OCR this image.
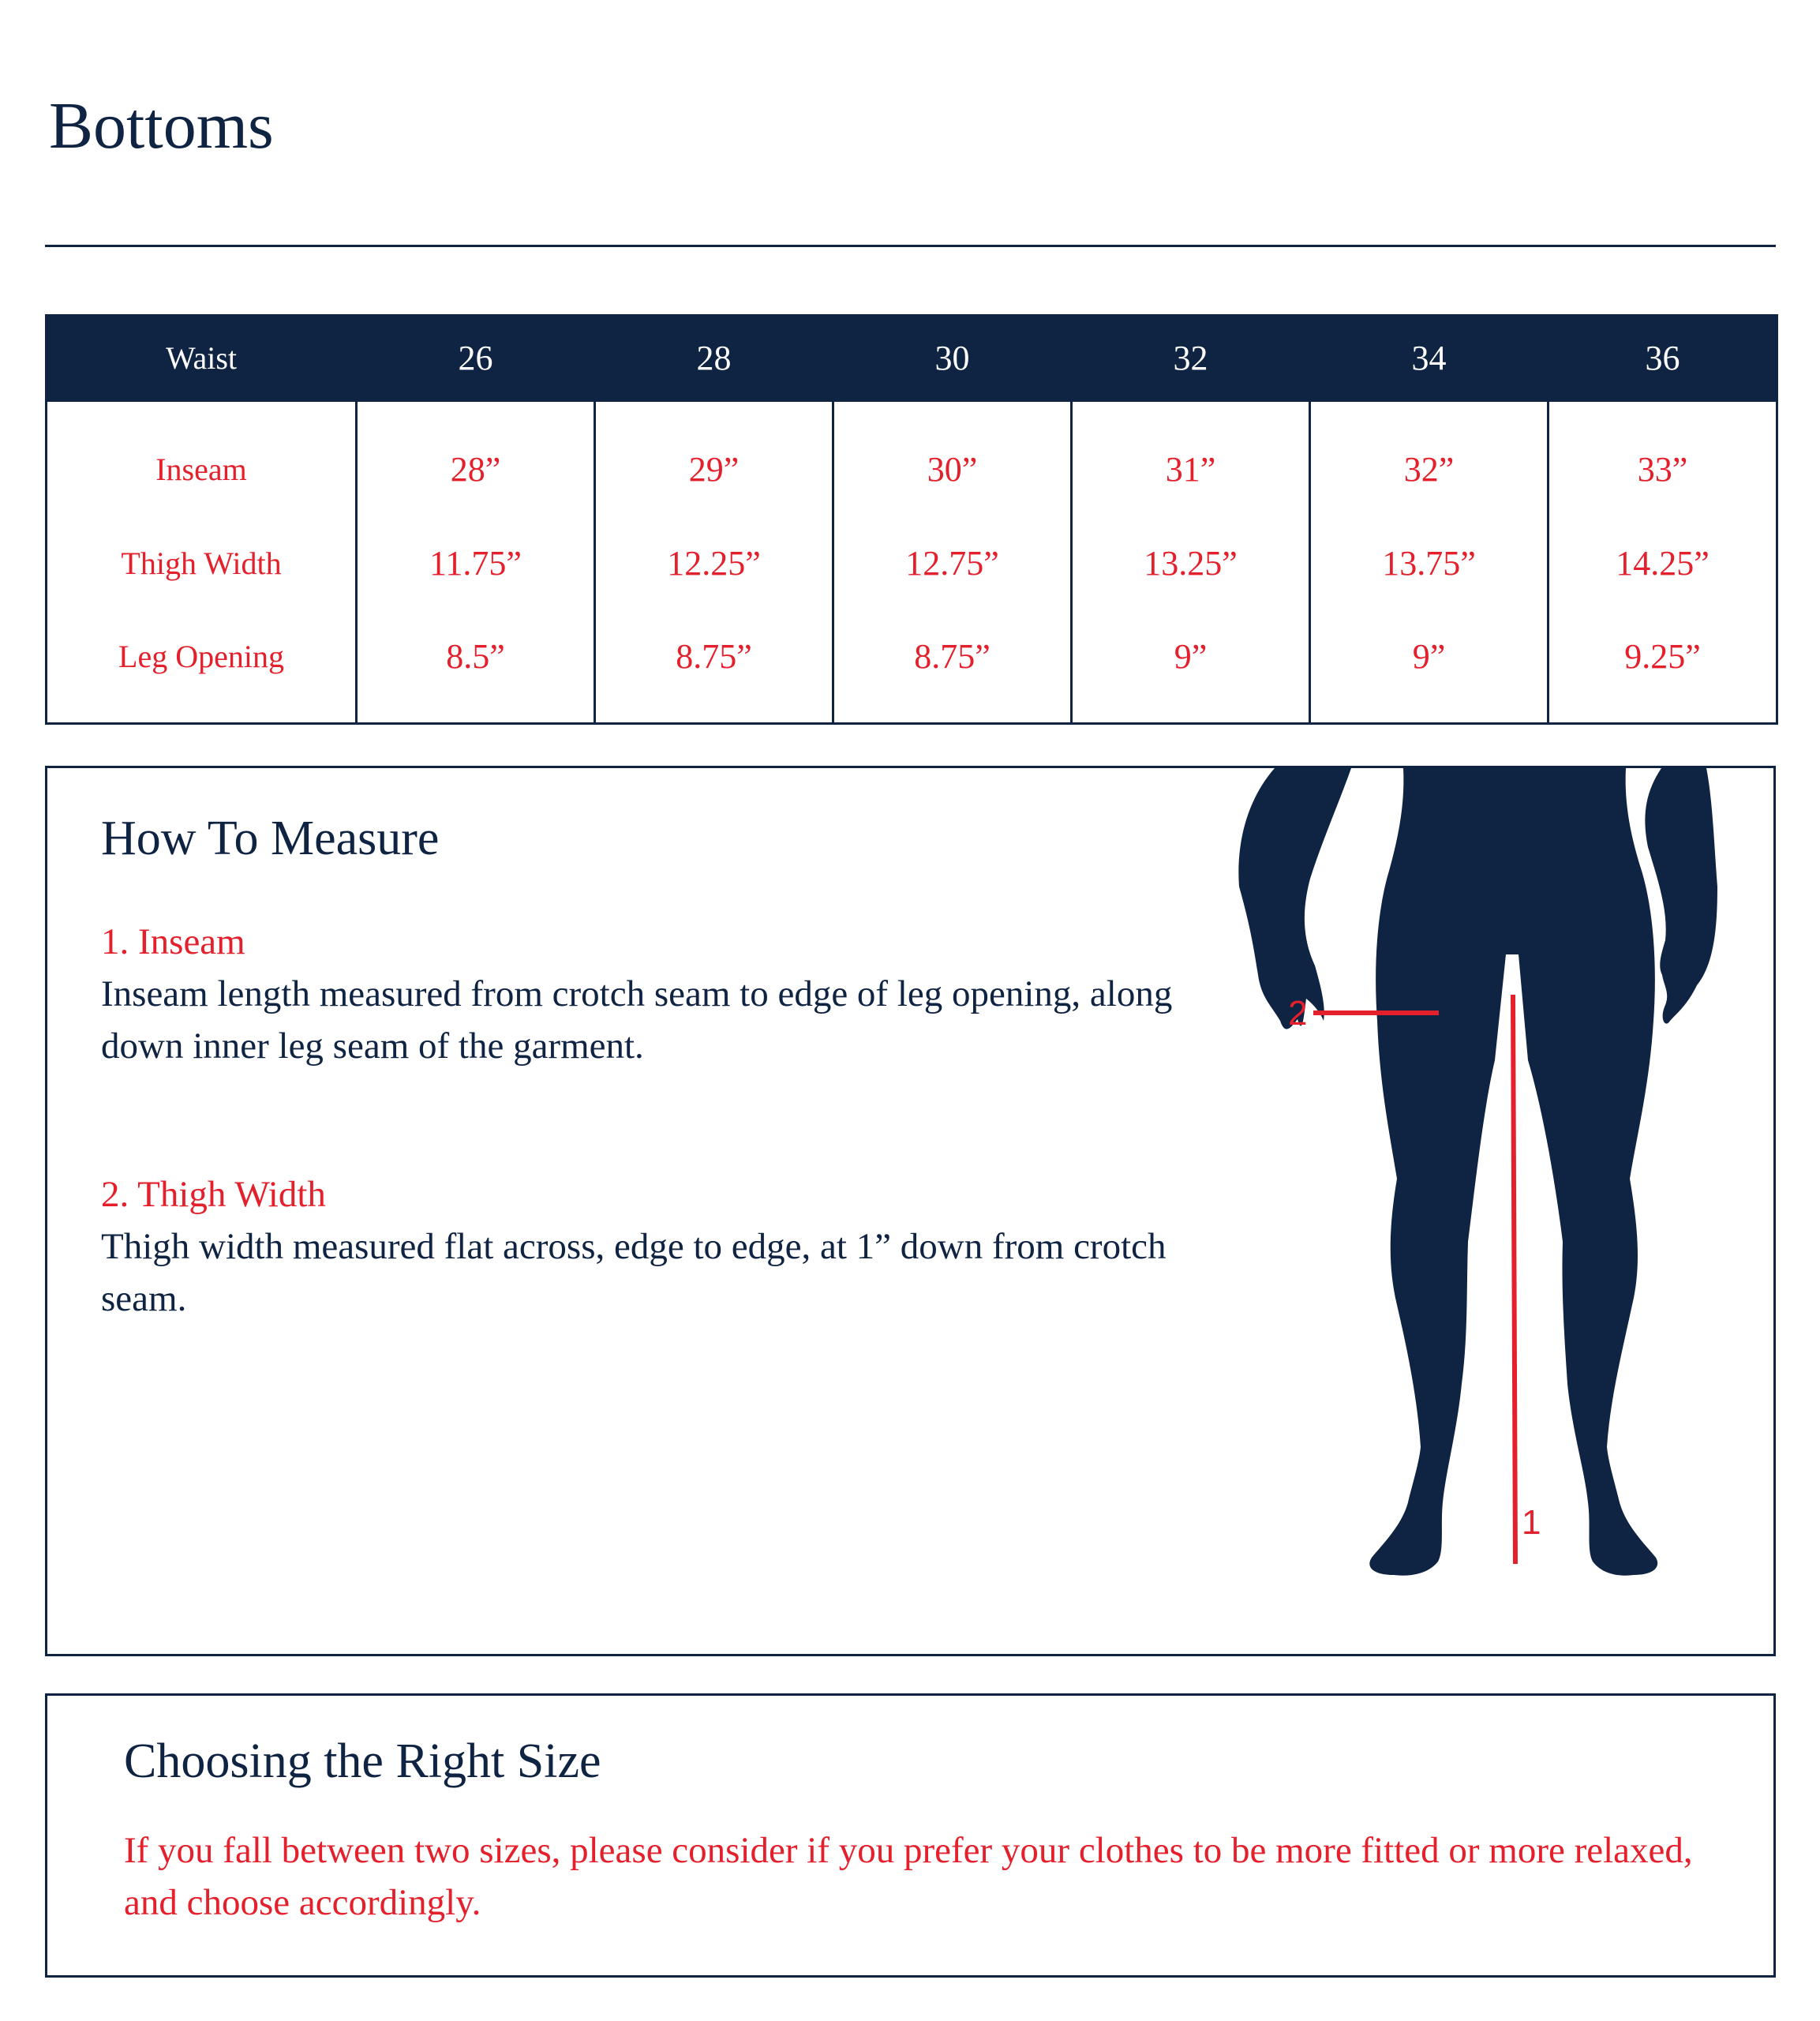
Bottoms
Waist	26	28	30	32	34	36
Inseam	28”	29”	30”	31”	32”	33”
Thigh Width	11.75”	12.25”	12.75”	13.25”	13.75”	14.25”
Leg Opening	8.5”	8.75”	8.75”	9”	9”	9.25”
How To Measure
1. Inseam
Inseam length measured from crotch seam to edge of leg opening, along down inner leg seam of the garment.
2. Thigh Width
Thigh width measured flat across, edge to edge, at 1” down from crotch seam.
2
1
Choosing the Right Size
If you fall between two sizes, please consider if you prefer your clothes to be more fitted or more relaxed, and choose accordingly.
